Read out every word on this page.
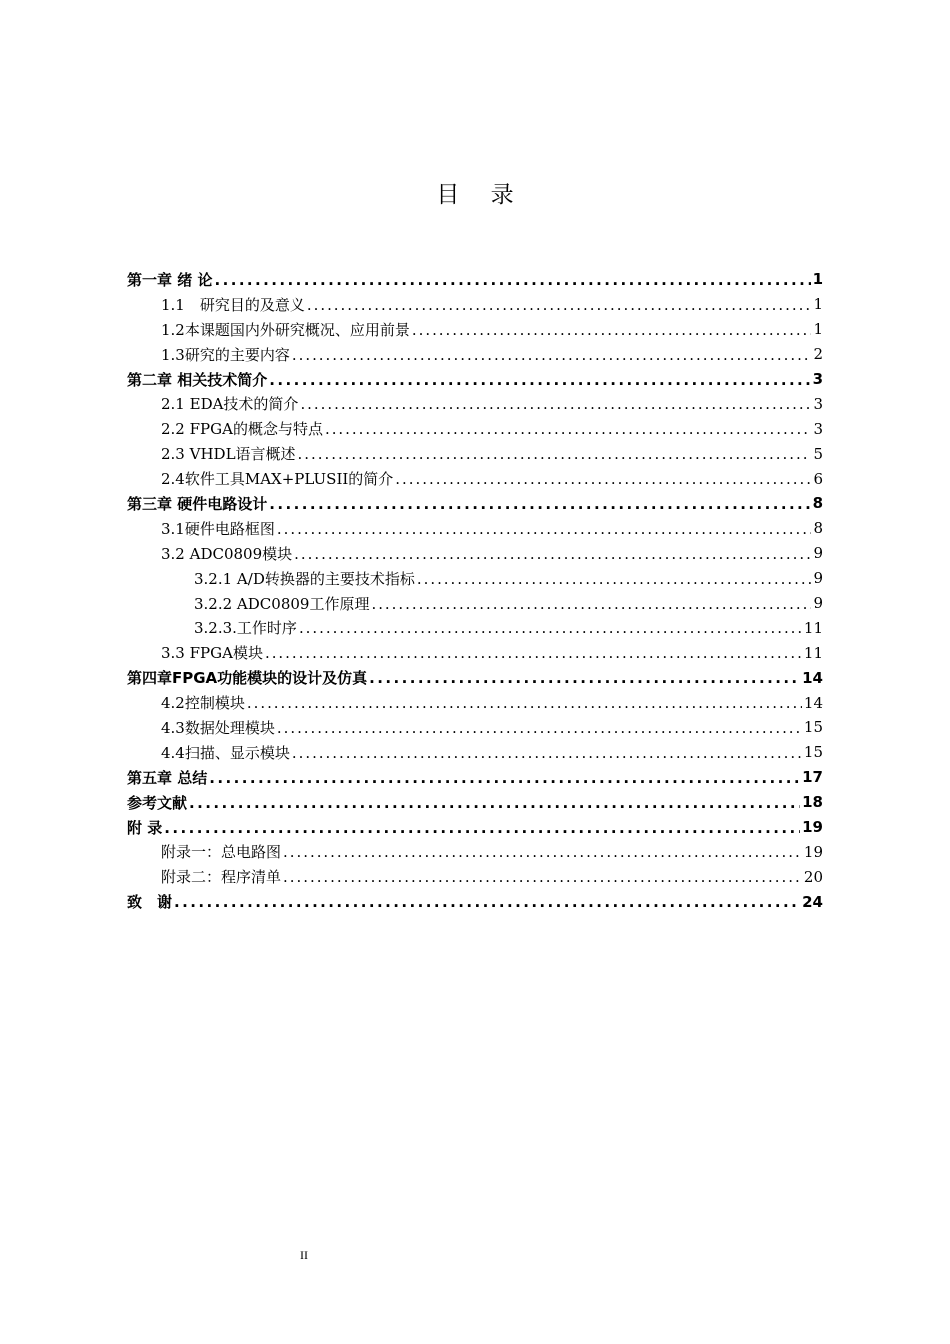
目 录
第一章 绪 论 . . .	1
1.1　研究目的及意义 . . .	1
1.2本课题国内外研究概况、应用前景 . . .	1
1.3研究的主要内容 . . .	2
第二章 相关技术简介 . . .	3
2.1 EDA技术的简介 . . .	3
2.2 FPGA的概念与特点 . . .	3
2.3 VHDL语言概述 . . .	5
2.4软件工具MAX+PLUSII的简介 . . .	6
第三章 硬件电路设计 . . .	8
3.1硬件电路框图 . . .	8
3.2 ADC0809模块 . . .	9
3.2.1 A/D转换器的主要技术指标 . . .	9
3.2.2 ADC0809工作原理 . . .	9
3.2.3.工作时序 . . .	11
3.3 FPGA模块 . . .	11
第四章FPGA功能模块的设计及仿真 . . .	14
4.2控制模块 . . .	14
4.3数据处理模块 . . .	15
4.4扫描、显示模块 . . .	15
第五章 总结 . . .	17
参考文献 . . .	18
附 录 . . .	19
附录一：总电路图 . . .	19
附录二：程序清单 . . .	20
致　谢 . . .	24
II
